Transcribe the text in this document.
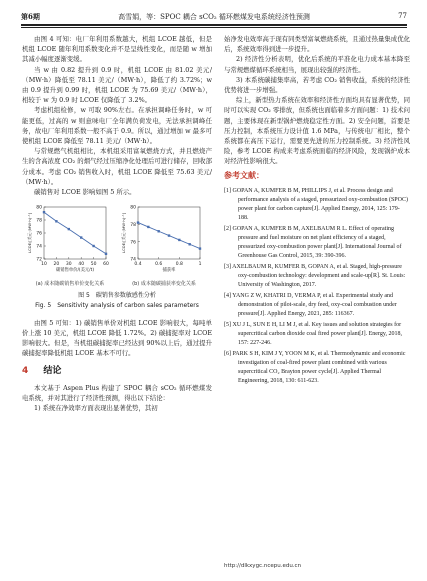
第6期	高雪娟，等：SPOC 耦合 sCO₂ 循环燃煤发电系统经济性预测	77

由图 4 可知：电厂年利用系数越大，机组 LCOE 越低，但是机组 LCOE 随年利用系数变化并不是呈线性变化，而是随 w 增加其减小幅度逐渐变缓。

当 w 由 0.82 提升到 0.9 时，机组 LCOE 由 81.02 美元/（MW·h）降低至 78.11 美元/（MW·h），降低了约 3.72%；w 由 0.9 提升到 0.99 时，机组 LCOE 为 75.69 美元/（MW·h），相较于 w 为 0.9 时 LCOE 仅降低了 3.2%。

考虑机组检修，w 可取 90%左右。在承担调峰任务时，w 可能更低，过高的 w 则意味电厂全年满负荷发电，无法承担调峰任务，故电厂年利用系数一般不高于 0.9。所以，通过增加 w 最多可使机组 LCOE 降低至 78.11 美元/（MW·h）。

与常规燃气机组相比，本机组采用富氧燃烧方式，并且燃烧产生的含高浓度 CO₂ 的烟气经过压缩净化处理后可进行储存，回收部分成本。考虑 CO₂ 销售收入时，机组 LCOE 降低至 75.63 美元/（MW·h）。

碳销售对 LCOE 影响如图 5 所示。

72
74
76
78
80
10 20 30 40 50 60
碳销售单价/(美元/t)
LCOE/[美元·(MW·h)⁻¹]
74
76
78
80
0.4	0.6	0.8	1
捕获率
LCOE/[美元·(MW·h)⁻¹]
(a) 成本随碳销售单价变化关系	(b) 成本随碳捕获率变化关系
图 5　碳销售参数敏感性分析
Fig. 5　Sensitivity analysis of carbon sales parameters

由图 5 可知：1) 碳销售单价对机组 LCOE 影响很大，每吨单价上涨 10 美元，机组 LCOE 降低 1.72%。2) 碳捕捉率对 LCOE 影响很大。但是，当机组碳捕捉率已经达到 90%以上后，通过提升碳捕捉率降低机组 LCOE 基本不可行。

4 结论

本文基于 Aspen Plus 构建了 SPOC 耦合 sCO₂ 循环燃煤发电系统，并对其进行了经济性预测，得出以下结论：

1) 系统在净效率方面表现出显著优势，其初

始净发电效率高于现有同类型富氧燃烧系统，且通过热量集成优化后，系统效率得到进一步提升。

2) 经济性分析表明，优化后系统的平准化电力成本基本降至与常规燃煤循环系统相当，展现出较强的经济性。

3) 本系统碳捕集率高，若考虑 CO₂ 销售收益，系统的经济性优势将进一步增强。

综上，新型热力系统在效率和经济性方面均具有显著优势，同时可以实现 CO₂ 零排放，但系统也面临着多方面问题：1) 技术问题，主要体现在新型锅炉燃烧稳定性方面。2) 安全问题，首要是压力控制，本系统压力设计值 1.6 MPa，与传统电厂相比，整个系统都在高压下运行，需要更先进的压力控制系统。3) 经济性风险，参考 LCOE 构成来考虑系统面临的经济风险，发现锅炉成本对经济性影响很大。

参考文献：
[1] GOPAN A, KUMFER B M, PHILLIPS J, et al. Process design and performance analysis of a staged, pressurized oxy-combustion (SPOC) power plant for carbon capture[J]. Applied Energy, 2014, 125: 179-188.
[2] GOPAN A, KUMFER B M, AXELBAUM R L. Effect of operating pressure and fuel moisture on net plant efficiency of a staged, pressurized oxy-combustion power plant[J]. International Journal of Greenhouse Gas Control, 2015, 39: 390-396.
[3] AXELBAUM R, KUMFER B, GOPAN A, et al. Staged, high-pressure oxy-combustion technology: development and scale-up[R]. St. Louis: University of Washington, 2017.
[4] YANG Z W, KHATRI D, VERMA P, et al. Experimental study and demonstration of pilot-scale, dry feed, oxy-coal combustion under pressure[J]. Applied Energy, 2021, 285: 116367.
[5] XU J L, SUN E H, LI M J, et al. Key issues and solution strategies for supercritical carbon dioxide coal fired power plant[J]. Energy, 2018, 157: 227-246.
[6] PARK S H, KIM J Y, YOON M K, et al. Thermodynamic and economic investigation of coal-fired power plant combined with various supercritical CO₂ Brayton power cycle[J]. Applied Thermal Engineering, 2018, 130: 611-623.
http://dlkxygc.ncepu.edu.cn
